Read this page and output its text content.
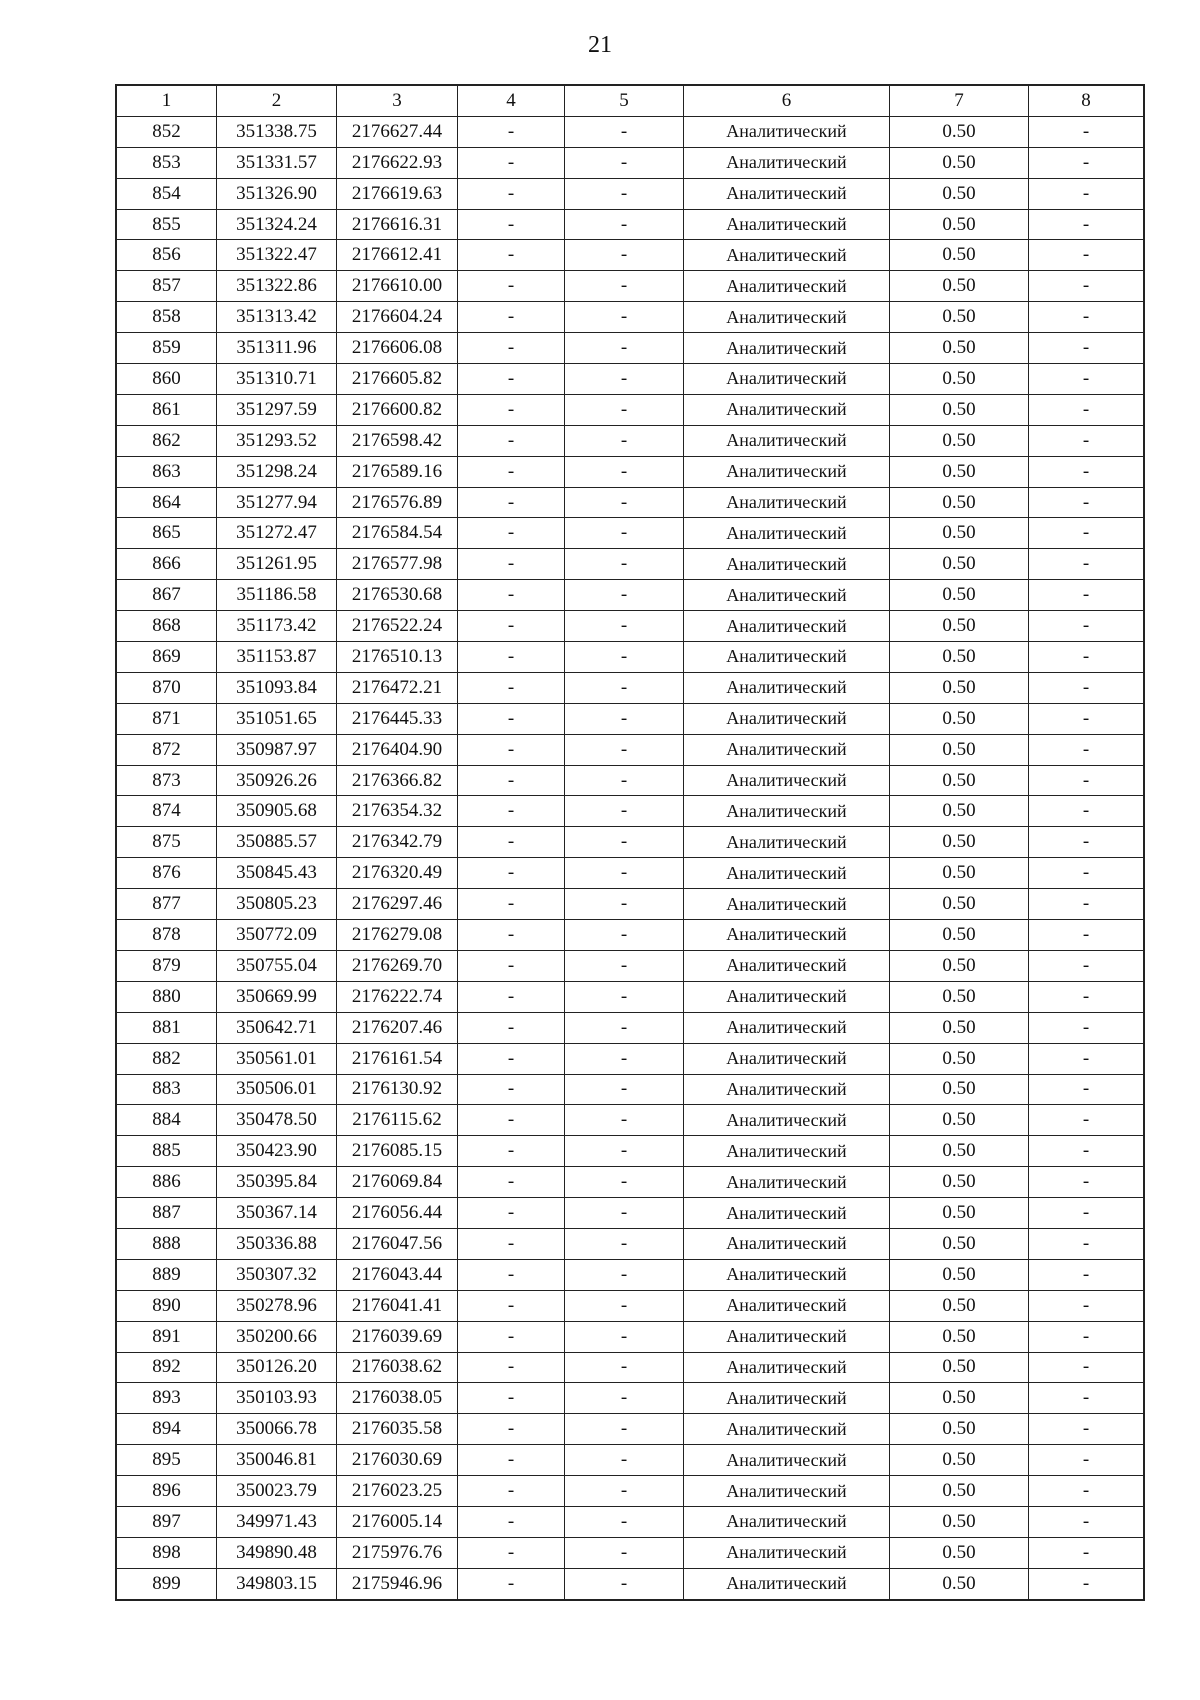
21
1	2	3	4	5	6	7	8
852	351338.75	2176627.44	-	-	Аналитический	0.50	-
853	351331.57	2176622.93	-	-	Аналитический	0.50	-
854	351326.90	2176619.63	-	-	Аналитический	0.50	-
855	351324.24	2176616.31	-	-	Аналитический	0.50	-
856	351322.47	2176612.41	-	-	Аналитический	0.50	-
857	351322.86	2176610.00	-	-	Аналитический	0.50	-
858	351313.42	2176604.24	-	-	Аналитический	0.50	-
859	351311.96	2176606.08	-	-	Аналитический	0.50	-
860	351310.71	2176605.82	-	-	Аналитический	0.50	-
861	351297.59	2176600.82	-	-	Аналитический	0.50	-
862	351293.52	2176598.42	-	-	Аналитический	0.50	-
863	351298.24	2176589.16	-	-	Аналитический	0.50	-
864	351277.94	2176576.89	-	-	Аналитический	0.50	-
865	351272.47	2176584.54	-	-	Аналитический	0.50	-
866	351261.95	2176577.98	-	-	Аналитический	0.50	-
867	351186.58	2176530.68	-	-	Аналитический	0.50	-
868	351173.42	2176522.24	-	-	Аналитический	0.50	-
869	351153.87	2176510.13	-	-	Аналитический	0.50	-
870	351093.84	2176472.21	-	-	Аналитический	0.50	-
871	351051.65	2176445.33	-	-	Аналитический	0.50	-
872	350987.97	2176404.90	-	-	Аналитический	0.50	-
873	350926.26	2176366.82	-	-	Аналитический	0.50	-
874	350905.68	2176354.32	-	-	Аналитический	0.50	-
875	350885.57	2176342.79	-	-	Аналитический	0.50	-
876	350845.43	2176320.49	-	-	Аналитический	0.50	-
877	350805.23	2176297.46	-	-	Аналитический	0.50	-
878	350772.09	2176279.08	-	-	Аналитический	0.50	-
879	350755.04	2176269.70	-	-	Аналитический	0.50	-
880	350669.99	2176222.74	-	-	Аналитический	0.50	-
881	350642.71	2176207.46	-	-	Аналитический	0.50	-
882	350561.01	2176161.54	-	-	Аналитический	0.50	-
883	350506.01	2176130.92	-	-	Аналитический	0.50	-
884	350478.50	2176115.62	-	-	Аналитический	0.50	-
885	350423.90	2176085.15	-	-	Аналитический	0.50	-
886	350395.84	2176069.84	-	-	Аналитический	0.50	-
887	350367.14	2176056.44	-	-	Аналитический	0.50	-
888	350336.88	2176047.56	-	-	Аналитический	0.50	-
889	350307.32	2176043.44	-	-	Аналитический	0.50	-
890	350278.96	2176041.41	-	-	Аналитический	0.50	-
891	350200.66	2176039.69	-	-	Аналитический	0.50	-
892	350126.20	2176038.62	-	-	Аналитический	0.50	-
893	350103.93	2176038.05	-	-	Аналитический	0.50	-
894	350066.78	2176035.58	-	-	Аналитический	0.50	-
895	350046.81	2176030.69	-	-	Аналитический	0.50	-
896	350023.79	2176023.25	-	-	Аналитический	0.50	-
897	349971.43	2176005.14	-	-	Аналитический	0.50	-
898	349890.48	2175976.76	-	-	Аналитический	0.50	-
899	349803.15	2175946.96	-	-	Аналитический	0.50	-
